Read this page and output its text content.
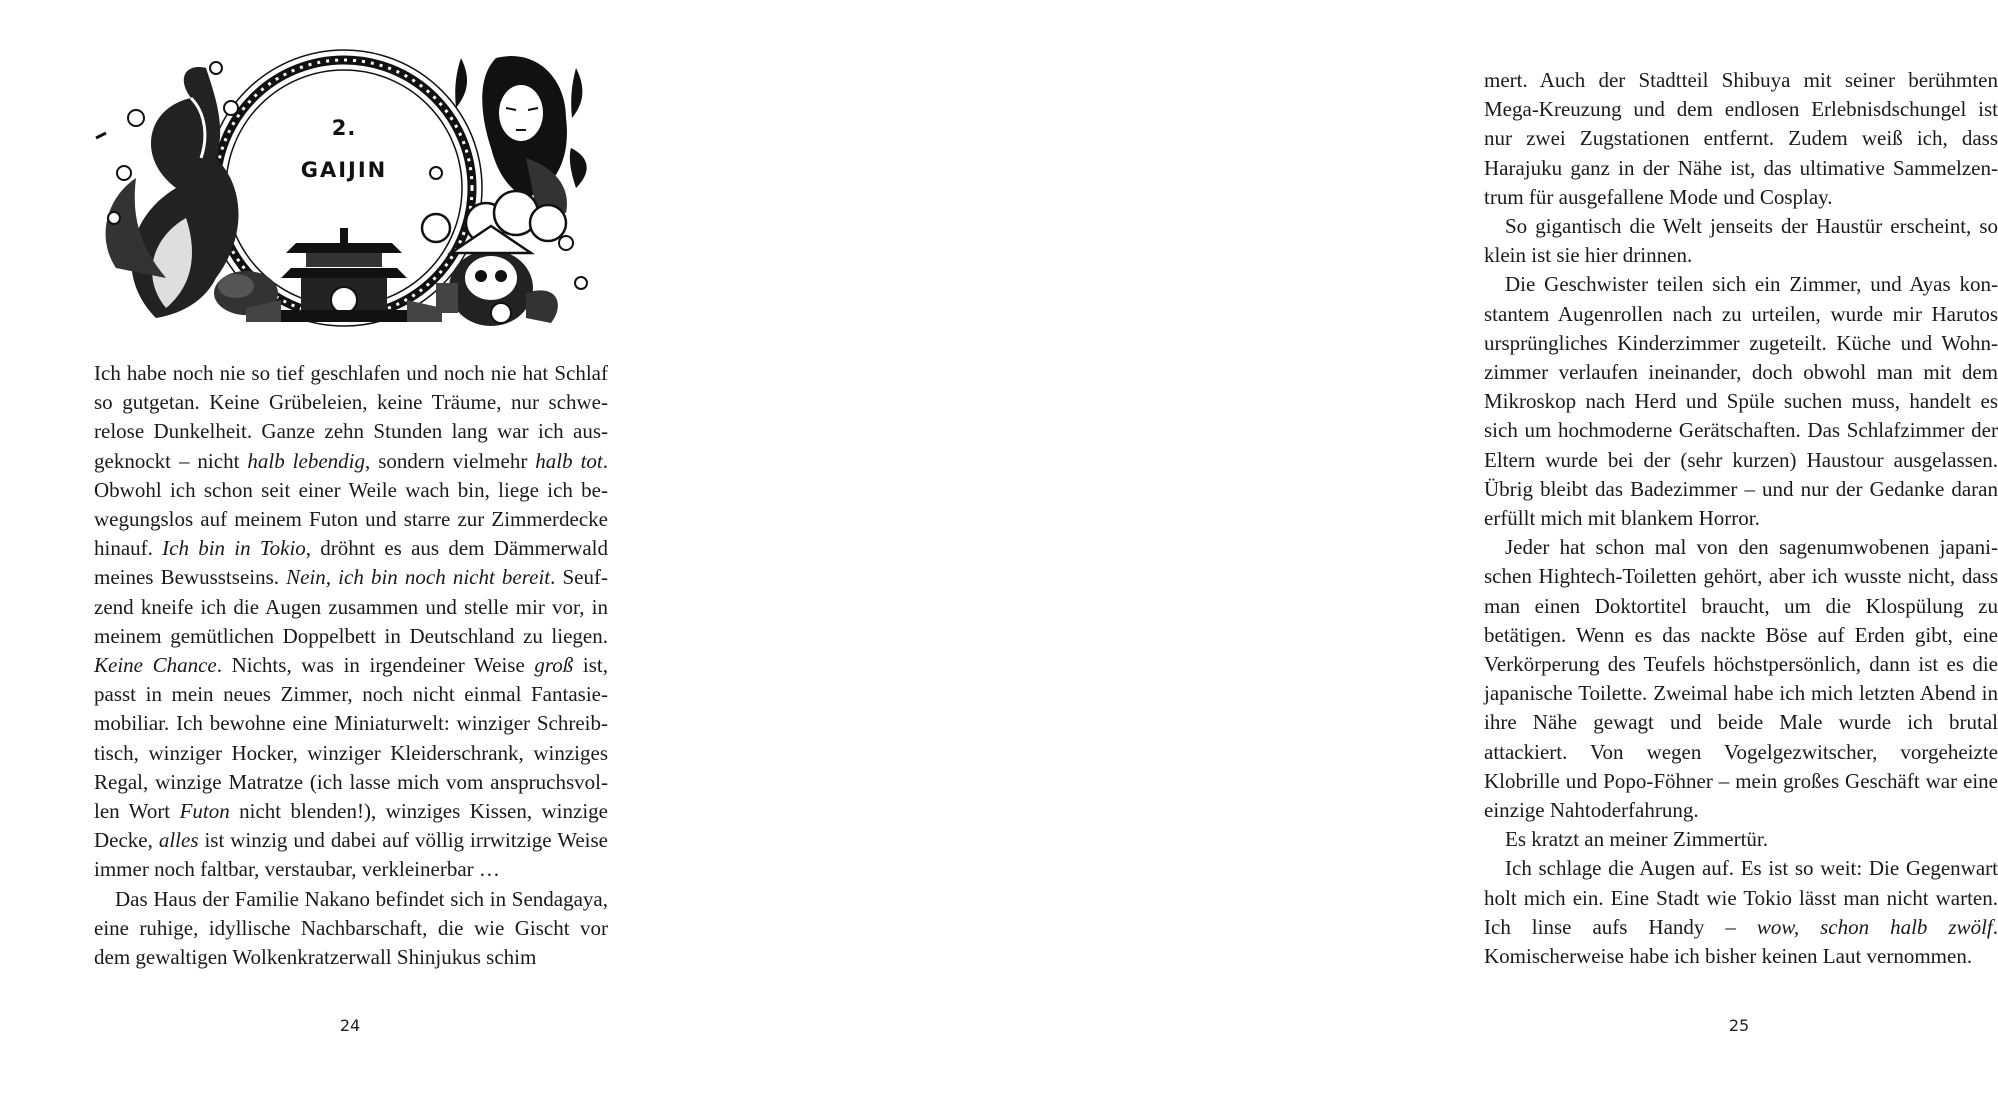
2.
GAIJIN

Ich habe noch nie so tief geschlafen und noch nie hat Schlaf so gutgetan. Keine Grübeleien, keine Träume, nur schwerelose Dunkelheit. Ganze zehn Stunden lang war ich ausgeknockt – nicht halb lebendig, sondern vielmehr halb tot. Obwohl ich schon seit einer Weile wach bin, liege ich bewegungslos auf meinem Futon und starre zur Zimmerdecke hinauf. Ich bin in Tokio, dröhnt es aus dem Dämmerwald meines Bewusstseins. Nein, ich bin noch nicht bereit. Seufzend kneife ich die Augen zusammen und stelle mir vor, in meinem gemütlichen Doppelbett in Deutschland zu liegen. Keine Chance. Nichts, was in irgendeiner Weise groß ist, passt in mein neues Zimmer, noch nicht einmal Fantasiemobiliar. Ich bewohne eine Miniaturwelt: winziger Schreibtisch, winziger Hocker, winziger Kleiderschrank, winziges Regal, winzige Matratze (ich lasse mich vom anspruchsvollen Wort Futon nicht blenden!), winziges Kissen, winzige Decke, alles ist winzig und dabei auf völlig irrwitzige Weise immer noch faltbar, verstaubar, verkleinerbar …

Das Haus der Familie Nakano befindet sich in Sendagaya, eine ruhige, idyllische Nachbarschaft, die wie Gischt vor dem gewaltigen Wolkenkratzerwall Shinjukus schim

24

mert. Auch der Stadtteil Shibuya mit seiner berühmten Mega-Kreuzung und dem endlosen Erlebnisdschungel ist nur zwei Zugstationen entfernt. Zudem weiß ich, dass Harajuku ganz in der Nähe ist, das ultimative Sammelzentrum für ausgefallene Mode und Cosplay.

So gigantisch die Welt jenseits der Haustür erscheint, so klein ist sie hier drinnen.

Die Geschwister teilen sich ein Zimmer, und Ayas konstantem Augenrollen nach zu urteilen, wurde mir Harutos ursprüngliches Kinderzimmer zugeteilt. Küche und Wohnzimmer verlaufen ineinander, doch obwohl man mit dem Mikroskop nach Herd und Spüle suchen muss, handelt es sich um hochmoderne Gerätschaften. Das Schlafzimmer der Eltern wurde bei der (sehr kurzen) Haustour ausgelassen. Übrig bleibt das Badezimmer – und nur der Gedanke daran erfüllt mich mit blankem Horror.

Jeder hat schon mal von den sagenumwobenen japanischen Hightech-Toiletten gehört, aber ich wusste nicht, dass man einen Doktortitel braucht, um die Klospülung zu betätigen. Wenn es das nackte Böse auf Erden gibt, eine Verkörperung des Teufels höchstpersönlich, dann ist es die japanische Toilette. Zweimal habe ich mich letzten Abend in ihre Nähe gewagt und beide Male wurde ich brutal attackiert. Von wegen Vogelgezwitscher, vorgeheizte Klobrille und Popo-Föhner – mein großes Geschäft war eine einzige Nahtoderfahrung.

Es kratzt an meiner Zimmertür.

Ich schlage die Augen auf. Es ist so weit: Die Gegenwart holt mich ein. Eine Stadt wie Tokio lässt man nicht warten. Ich linse aufs Handy – wow, schon halb zwölf. Komischerweise habe ich bisher keinen Laut vernommen.

25
